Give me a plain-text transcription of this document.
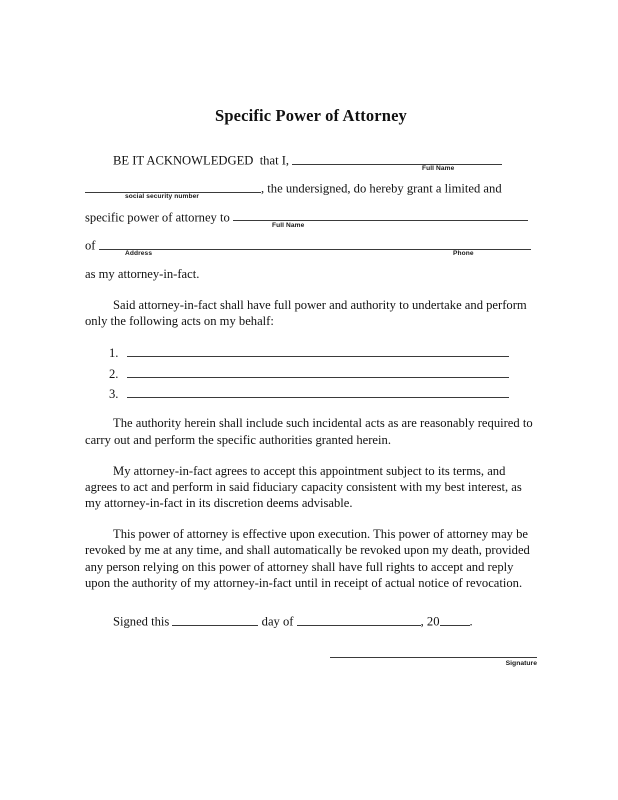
Specific Power of Attorney
BE IT ACKNOWLEDGED that I,
Full Name
, the undersigned, do hereby grant a limited and
social security number
specific power of attorney to
Full Name
of
Address	Phone
as my attorney-in-fact.

Said attorney-in-fact shall have full power and authority to undertake and perform only the following acts on my behalf:

1.
2.
3.

The authority herein shall include such incidental acts as are reasonably required to carry out and perform the specific authorities granted herein.

My attorney-in-fact agrees to accept this appointment subject to its terms, and agrees to act and perform in said fiduciary capacity consistent with my best interest, as my attorney-in-fact in its discretion deems advisable.

This power of attorney is effective upon execution. This power of attorney may be revoked by me at any time, and shall automatically be revoked upon my death, provided any person relying on this power of attorney shall have full rights to accept and reply upon the authority of my attorney-in-fact until in receipt of actual notice of revocation.

Signed this	day of	, 20 .
Signature
